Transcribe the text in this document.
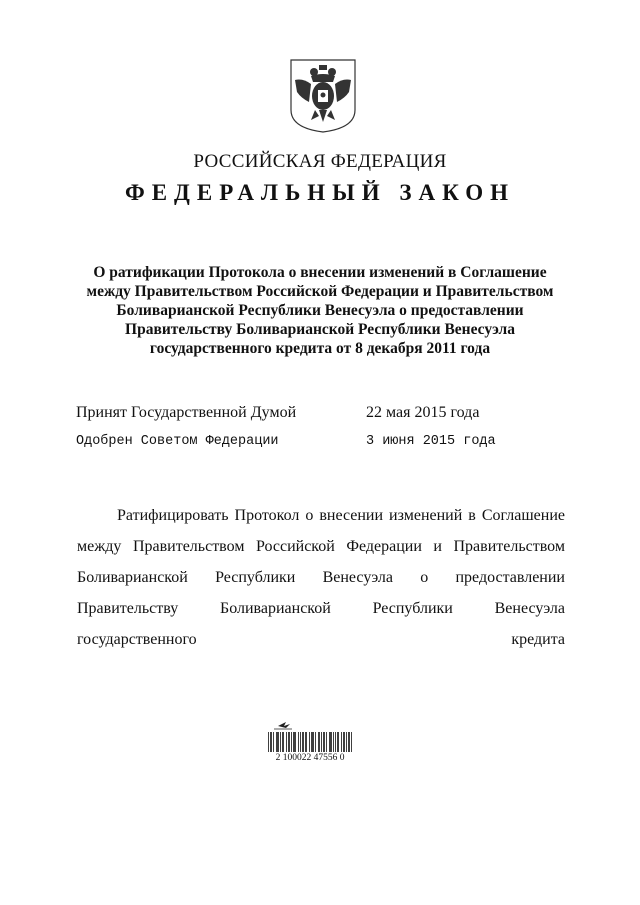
РОССИЙСКАЯ ФЕДЕРАЦИЯ
ФЕДЕРАЛЬНЫЙ ЗАКОН
О ратификации Протокола о внесении изменений в Соглашение
между Правительством Российской Федерации и Правительством
Боливарианской Республики Венесуэла о предоставлении
Правительству Боливарианской Республики Венесуэла
государственного кредита от 8 декабря 2011 года
Принят Государственной Думой	22 мая 2015 года
Одобрен Советом Федерации	3 июня 2015 года
Ратифицировать Протокол о внесении изменений в Соглашение между Правительством Российской Федерации и Правительством Боливарианской Республики Венесуэла о предоставлении Правительству Боливарианской Республики Венесуэла государственного кредита
2 100022 47556 0
